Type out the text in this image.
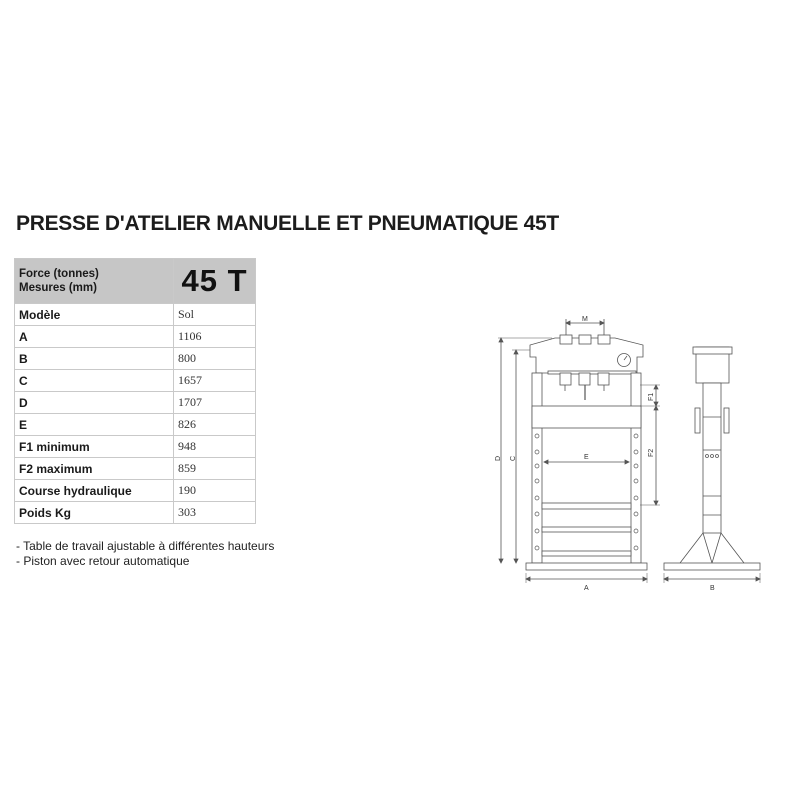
PRESSE D'ATELIER MANUELLE ET PNEUMATIQUE 45T
Force (tonnes)
Mesures (mm)	45 T
Modèle	Sol
A	1106
B	800
C	1657
D	1707
E	826
F1 minimum	948
F2 maximum	859
Course hydraulique	190
Poids Kg	303
- Table de travail ajustable à différentes hauteurs
- Piston avec retour automatique
M
E
A	B
D C
F1
F2
